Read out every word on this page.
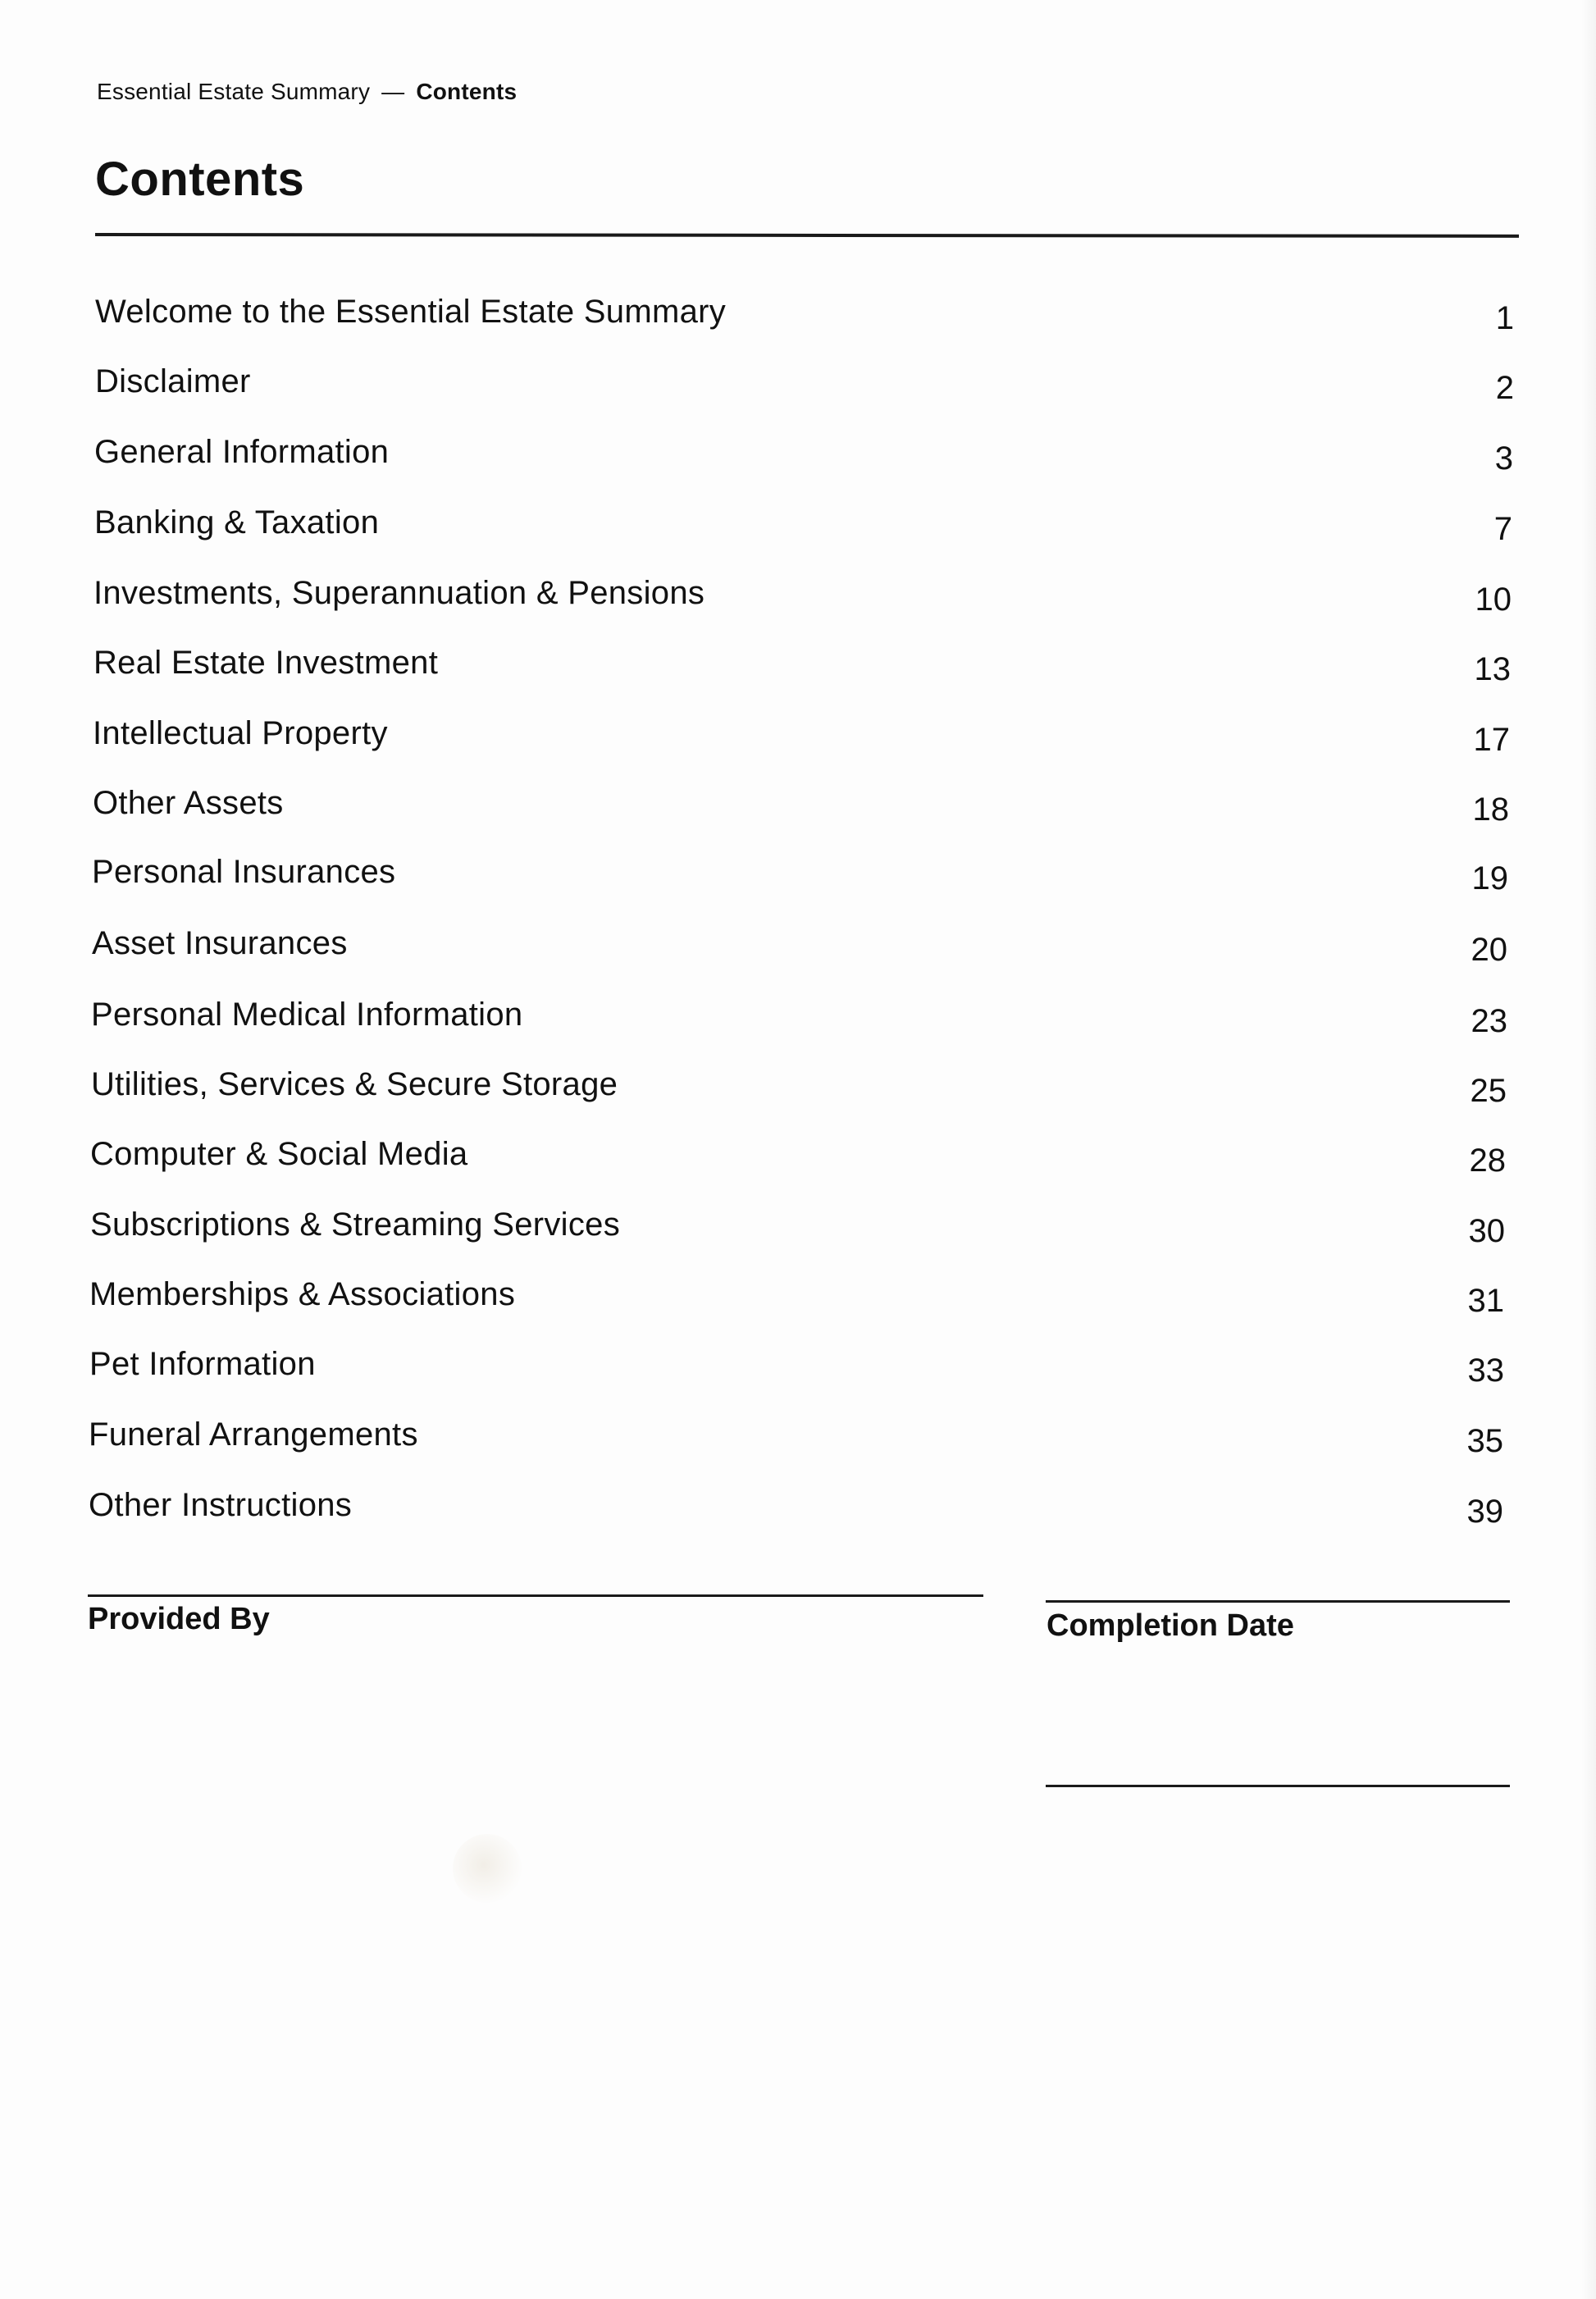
Essential Estate Summary — Contents
Contents
Welcome to the Essential Estate Summary	1
Disclaimer	2
General Information	3
Banking & Taxation	7
Investments, Superannuation & Pensions	10
Real Estate Investment	13
Intellectual Property	17
Other Assets	18
Personal Insurances	19
Asset Insurances	20
Personal Medical Information	23
Utilities, Services & Secure Storage	25
Computer & Social Media	28
Subscriptions & Streaming Services	30
Memberships & Associations	31
Pet Information	33
Funeral Arrangements	35
Other Instructions	39
Provided By	Completion Date
